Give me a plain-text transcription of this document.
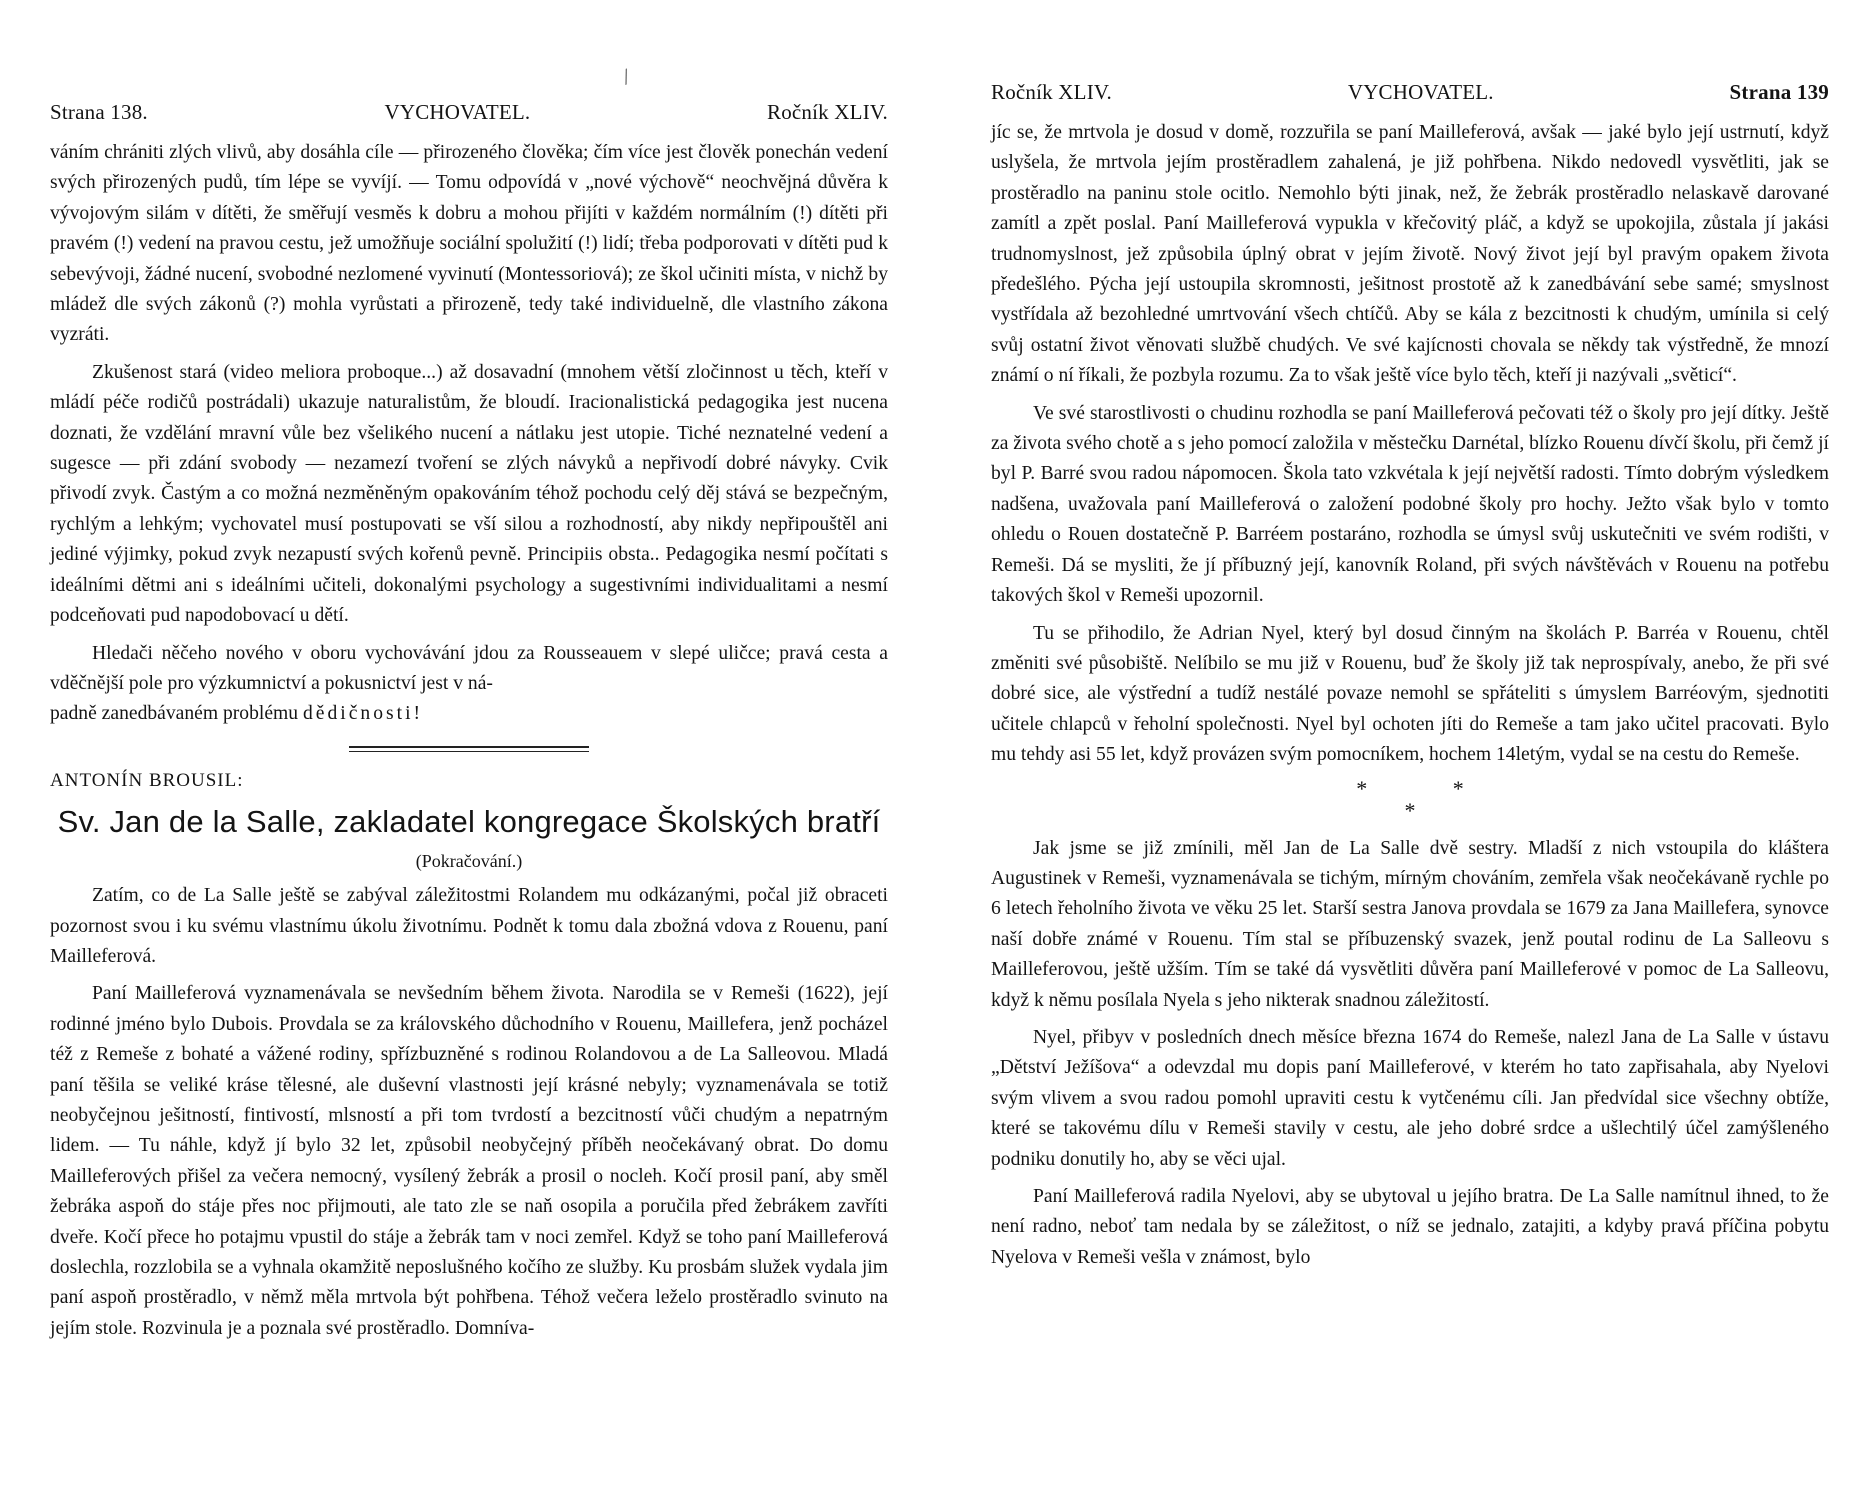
⁄
Strana 138.	VYCHOVATEL.	Ročník XLIV.

váním chrániti zlých vlivů, aby dosáhla cíle — přirozeného člověka; čím více jest člověk ponechán vedení svých přirozených pudů, tím lépe se vyvíjí. — Tomu odpovídá v „nové výchově“ neochvějná důvěra k vývojovým silám v dítěti, že směřují vesměs k dobru a mohou přijíti v každém normálním (!) dítěti při pravém (!) vedení na pravou cestu, jež umožňuje sociální spolužití (!) lidí; třeba podporovati v dítěti pud k sebevývoji, žádné nucení, svobodné nezlomené vyvinutí (Montessoriová); ze škol učiniti místa, v nichž by mládež dle svých zákonů (?) mohla vyrůstati a přirozeně, tedy také individuelně, dle vlastního zákona vyzráti.

Zkušenost stará (video meliora proboque...) až dosavadní (mnohem větší zločinnost u těch, kteří v mládí péče rodičů postrádali) ukazuje naturalistům, že bloudí. Iracionalistická pedagogika jest nucena doznati, že vzdělání mravní vůle bez všelikého nucení a nátlaku jest utopie. Tiché neznatelné vedení a sugesce — při zdání svobody — nezamezí tvoření se zlých návyků a nepřivodí dobré návyky. Cvik přivodí zvyk. Častým a co možná nezměněným opakováním téhož pochodu celý děj stává se bezpečným, rychlým a lehkým; vychovatel musí postupovati se vší silou a rozhodností, aby nikdy nepřipouštěl ani jediné výjimky, pokud zvyk nezapustí svých kořenů pevně. Principiis obsta.. Pedagogika nesmí počítati s ideálními dětmi ani s ideálními učiteli, dokonalými psychology a sugestivními individualitami a nesmí podceňovati pud napodobovací u dětí.

Hledači něčeho nového v oboru vychovávání jdou za Rousseauem v slepé uličce; pravá cesta a vděčnější pole pro výzkumnictví a pokusnictví jest v ná-
padně zanedbávaném problému dědičnosti!

ANTONÍN BROUSIL:

Sv. Jan de la Salle, zakladatel kongregace Školských bratří

(Pokračování.)

Zatím, co de La Salle ještě se zabýval záležitostmi Rolandem mu odkázanými, počal již obraceti pozornost svou i ku svému vlastnímu úkolu životnímu. Podnět k tomu dala zbožná vdova z Rouenu, paní Mailleferová.

Paní Mailleferová vyznamenávala se nevšedním během života. Narodila se v Remeši (1622), její rodinné jméno bylo Dubois. Provdala se za královského důchodního v Rouenu, Maillefera, jenž pocházel též z Remeše z bohaté a vážené rodiny, spřízbuzněné s rodinou Rolandovou a de La Salleovou. Mladá paní těšila se veliké kráse tělesné, ale duševní vlastnosti její krásné nebyly; vyznamenávala se totiž neobyčejnou ješitností, fintivostí, mlsností a při tom tvrdostí a bezcitností vůči chudým a nepatrným lidem. — Tu náhle, když jí bylo 32 let, způsobil neobyčejný příběh neočekávaný obrat. Do domu Mailleferových přišel za večera nemocný, vysílený žebrák a prosil o nocleh. Kočí prosil paní, aby směl žebráka aspoň do stáje přes noc přijmouti, ale tato zle se naň osopila a poručila před žebrákem zavříti dveře. Kočí přece ho potajmu vpustil do stáje a žebrák tam v noci zemřel. Když se toho paní Mailleferová doslechla, rozzlobila se a vyhnala okamžitě neposlušného kočího ze služby. Ku prosbám služek vydala jim paní aspoň prostěradlo, v němž měla mrtvola být pohřbena. Téhož večera leželo prostěradlo svinuto na jejím stole. Rozvinula je a poznala své prostěradlo. Domníva-

Ročník XLIV.	VYCHOVATEL.	Strana 139

jíc se, že mrtvola je dosud v domě, rozzuřila se paní Mailleferová, avšak — jaké bylo její ustrnutí, když uslyšela, že mrtvola jejím prostěradlem zahalená, je již pohřbena. Nikdo nedovedl vysvětliti, jak se prostěradlo na paninu stole ocitlo. Nemohlo býti jinak, než, že žebrák prostěradlo nelaskavě darované zamítl a zpět poslal. Paní Mailleferová vypukla v křečovitý pláč, a když se upokojila, zůstala jí jakási trudnomyslnost, jež způsobila úplný obrat v jejím životě. Nový život její byl pravým opakem života předešlého. Pýcha její ustoupila skromnosti, ješitnost prostotě až k zanedbávání sebe samé; smyslnost vystřídala až bezohledné umrtvování všech chtíčů. Aby se kála z bezcitnosti k chudým, umínila si celý svůj ostatní život věnovati službě chudých. Ve své kajícnosti chovala se někdy tak výstředně, že mnozí známí o ní říkali, že pozbyla rozumu. Za to však ještě více bylo těch, kteří ji nazývali „světicí“.

Ve své starostlivosti o chudinu rozhodla se paní Mailleferová pečovati též o školy pro její dítky. Ještě za života svého chotě a s jeho pomocí založila v městečku Darnétal, blízko Rouenu dívčí školu, při čemž jí byl P. Barré svou radou nápomocen. Škola tato vzkvétala k její největší radosti. Tímto dobrým výsledkem nadšena, uvažovala paní Mailleferová o založení podobné školy pro hochy. Ježto však bylo v tomto ohledu o Rouen dostatečně P. Barréem postaráno, rozhodla se úmysl svůj uskutečniti ve svém rodišti, v Remeši. Dá se mysliti, že jí příbuzný její, kanovník Roland, při svých návštěvách v Rouenu na potřebu takových škol v Remeši upozornil.

Tu se přihodilo, že Adrian Nyel, který byl dosud činným na školách P. Barréa v Rouenu, chtěl změniti své působiště. Nelíbilo se mu již v Rouenu, buď že školy již tak neprospívaly, anebo, že při své dobré sice, ale výstřední a tudíž nestálé povaze nemohl se spřáteliti s úmyslem Barréovým, sjednotiti učitele chlapců v řeholní společnosti. Nyel byl ochoten jíti do Remeše a tam jako učitel pracovati. Bylo mu tehdy asi 55 let, když provázen svým pomocníkem, hochem 14letým, vydal se na cestu do Remeše.

* *
*

Jak jsme se již zmínili, měl Jan de La Salle dvě sestry. Mladší z nich vstoupila do kláštera Augustinek v Remeši, vyznamenávala se tichým, mírným chováním, zemřela však neočekávaně rychle po 6 letech řeholního života ve věku 25 let. Starší sestra Janova provdala se 1679 za Jana Maillefera, synovce naší dobře známé v Rouenu. Tím stal se příbuzenský svazek, jenž poutal rodinu de La Salleovu s Mailleferovou, ještě užším. Tím se také dá vysvětliti důvěra paní Mailleferové v pomoc de La Salleovu, když k němu posílala Nyela s jeho nikterak snadnou záležitostí.

Nyel, přibyv v posledních dnech měsíce března 1674 do Remeše, nalezl Jana de La Salle v ústavu „Dětství Ježíšova“ a odevzdal mu dopis paní Mailleferové, v kterém ho tato zapřisahala, aby Nyelovi svým vlivem a svou radou pomohl upraviti cestu k vytčenému cíli. Jan předvídal sice všechny obtíže, které se takovému dílu v Remeši stavily v cestu, ale jeho dobré srdce a ušlechtilý účel zamýšleného podniku donutily ho, aby se věci ujal.

Paní Mailleferová radila Nyelovi, aby se ubytoval u jejího bratra. De La Salle namítnul ihned, to že není radno, neboť tam nedala by se záležitost, o níž se jednalo, zatajiti, a kdyby pravá příčina pobytu Nyelova v Remeši vešla v známost, bylo
